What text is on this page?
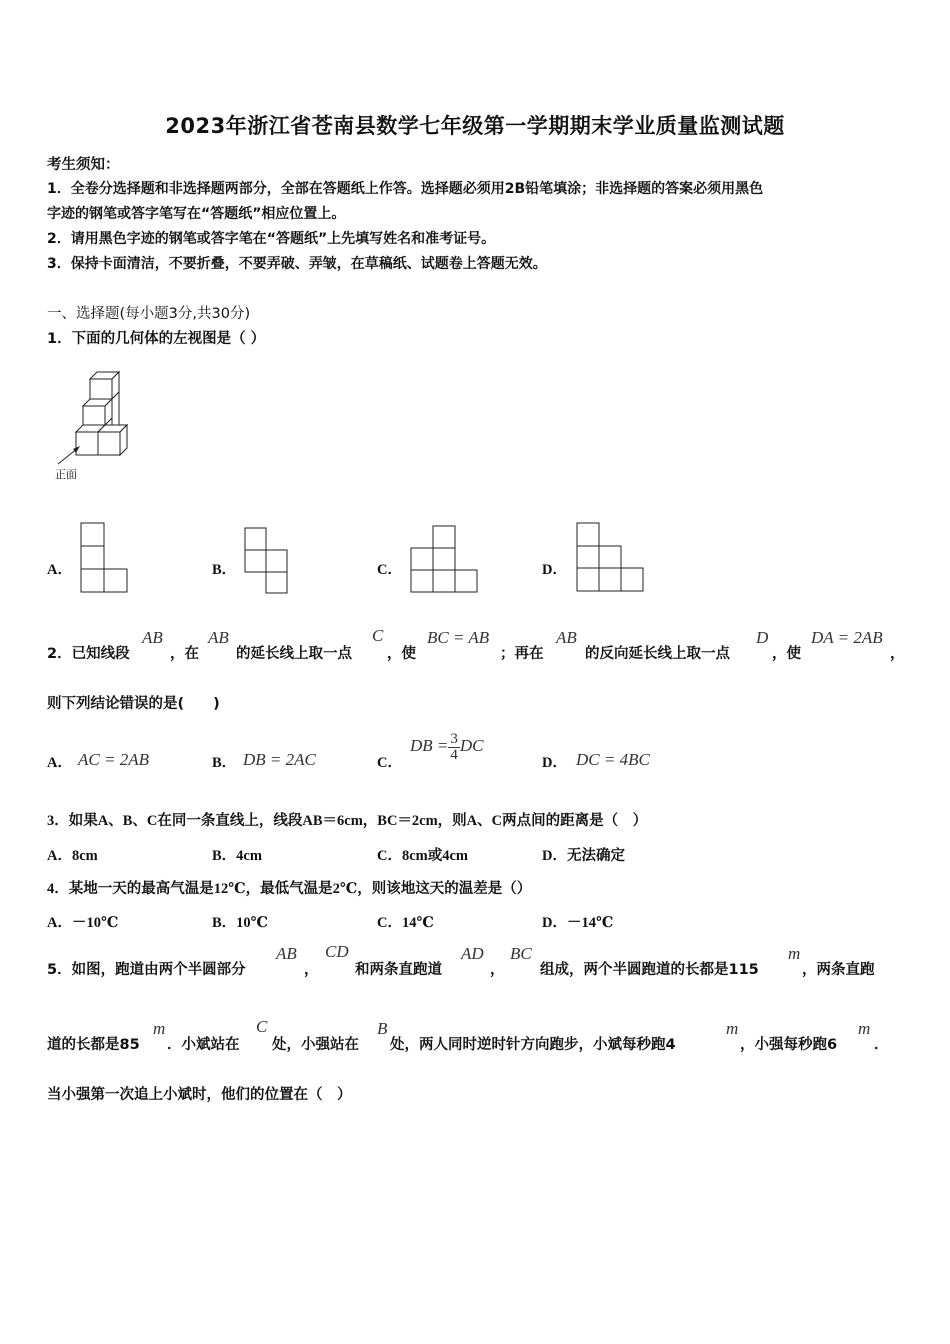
2023年浙江省苍南县数学七年级第一学期期末学业质量监测试题
考生须知：
1．全卷分选择题和非选择题两部分，全部在答题纸上作答。选择题必须用2B铅笔填涂；非选择题的答案必须用黑色
字迹的钢笔或答字笔写在“答题纸”相应位置上。
2．请用黑色字迹的钢笔或答字笔在“答题纸”上先填写姓名和准考证号。
3．保持卡面清洁，不要折叠，不要弄破、弄皱，在草稿纸、试题卷上答题无效。
一、选择题(每小题3分,共30分)
1．下面的几何体的左视图是（ ）
正面
A．	B．	C．	D．
2．已知线段
AB
，在
AB
的延长线上取一点
C
，使
BC = AB
；再在
AB
的反向延长线上取一点
D
，使
DA = 2AB
，
则下列结论错误的是(　　)
A． AC = 2AB	B． DB = 2AC	C．
DB = $\frac{3}{4}$ DC
D． DC = 4BC
3．如果A、B、C在同一条直线上，线段AB＝6cm，BC＝2cm，则A、C两点间的距离是（　）
A．8cm	B．4cm	C．8cm或4cm	D．无法确定
4．某地一天的最高气温是12℃，最低气温是2℃，则该地这天的温差是（）
A．－10℃	B．10℃	C．14℃	D．－14℃
5．如图，跑道由两个半圆部分
AB
，
CD
和两条直跑道
AD
，
BC
组成，两个半圆跑道的长都是115
m
，两条直跑
道的长都是85
m
．小斌站在
C
处，小强站在
B
处，两人同时逆时针方向跑步，小斌每秒跑4
m
，小强每秒跑6
m
．
当小强第一次追上小斌时，他们的位置在（　）
